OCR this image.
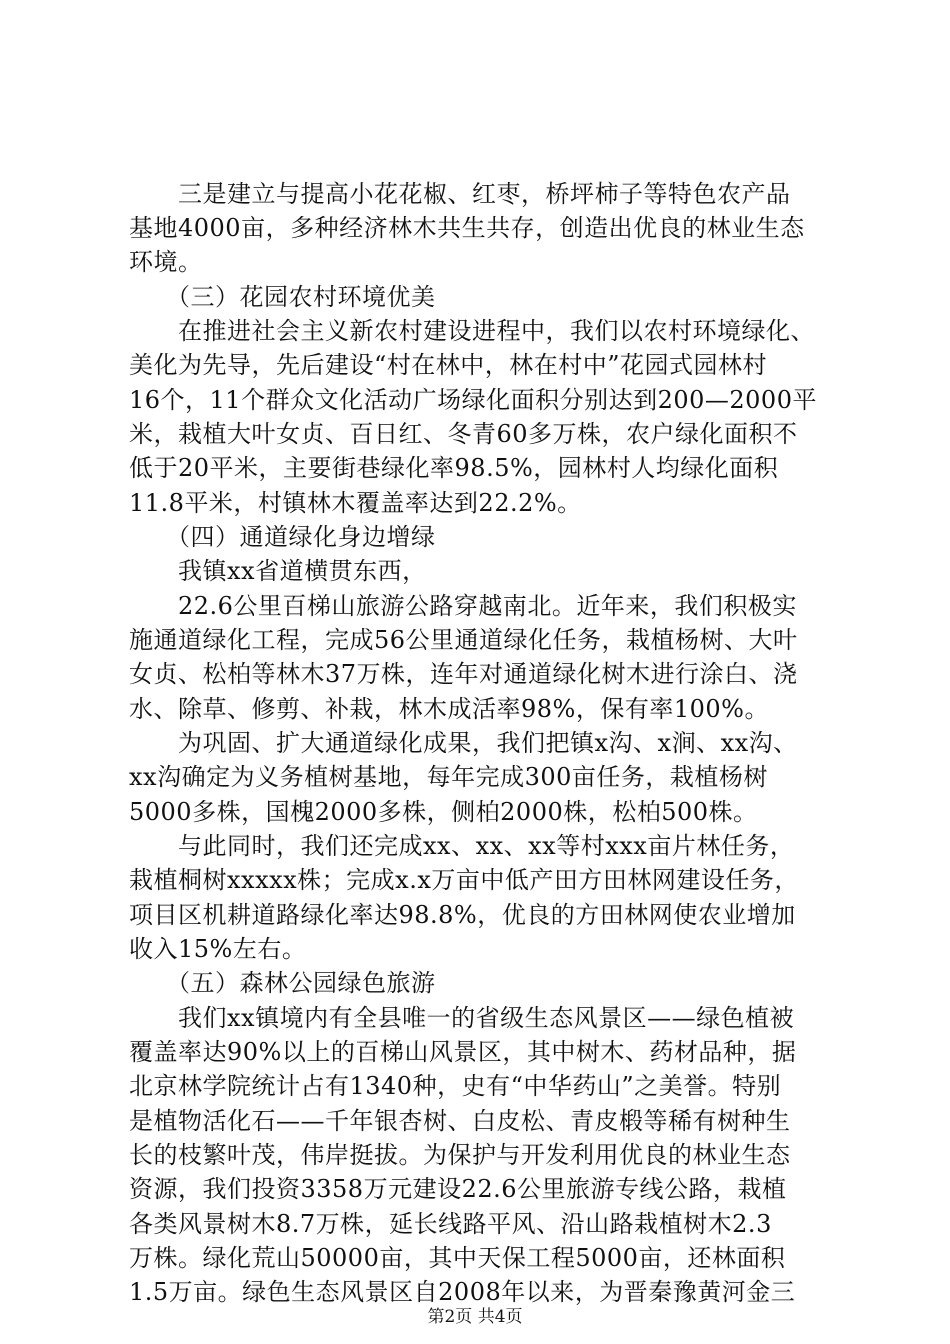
　　三是建立与提高小花花椒、红枣，桥坪柿子等特色农产品
基地4000亩，多种经济林木共生共存，创造出优良的林业生态
环境。
　　（三）花园农村环境优美
　　在推进社会主义新农村建设进程中，我们以农村环境绿化、
美化为先导，先后建设“村在林中，林在村中”花园式园林村
16个，11个群众文化活动广场绿化面积分别达到200—2000平
米，栽植大叶女贞、百日红、冬青60多万株，农户绿化面积不
低于20平米，主要街巷绿化率98.5%，园林村人均绿化面积
11.8平米，村镇林木覆盖率达到22.2%。
　　（四）通道绿化身边增绿
　　我镇xx省道横贯东西，
　　22.6公里百梯山旅游公路穿越南北。近年来，我们积极实
施通道绿化工程，完成56公里通道绿化任务，栽植杨树、大叶
女贞、松柏等林木37万株，连年对通道绿化树木进行涂白、浇
水、除草、修剪、补栽，林木成活率98%，保有率100%。
　　为巩固、扩大通道绿化成果，我们把镇x沟、x涧、xx沟、
xx沟确定为义务植树基地，每年完成300亩任务，栽植杨树
5000多株，国槐2000多株，侧柏2000株，松柏500株。
　　与此同时，我们还完成xx、xx、xx等村xxx亩片林任务，
栽植桐树xxxxx株；完成x.x万亩中低产田方田林网建设任务，
项目区机耕道路绿化率达98.8%，优良的方田林网使农业增加
收入15%左右。
　　（五）森林公园绿色旅游
　　我们xx镇境内有全县唯一的省级生态风景区——绿色植被
覆盖率达90%以上的百梯山风景区，其中树木、药材品种，据
北京林学院统计占有1340种，史有“中华药山”之美誉。特别
是植物活化石——千年银杏树、白皮松、青皮椴等稀有树种生
长的枝繁叶茂，伟岸挺拔。为保护与开发利用优良的林业生态
资源，我们投资3358万元建设22.6公里旅游专线公路，栽植
各类风景树木8.7万株，延长线路平风、沿山路栽植树木2.3
万株。绿化荒山50000亩，其中天保工程5000亩，还林面积
1.5万亩。绿色生态风景区自2008年以来，为晋秦豫黄河金三
第2页 共4页
